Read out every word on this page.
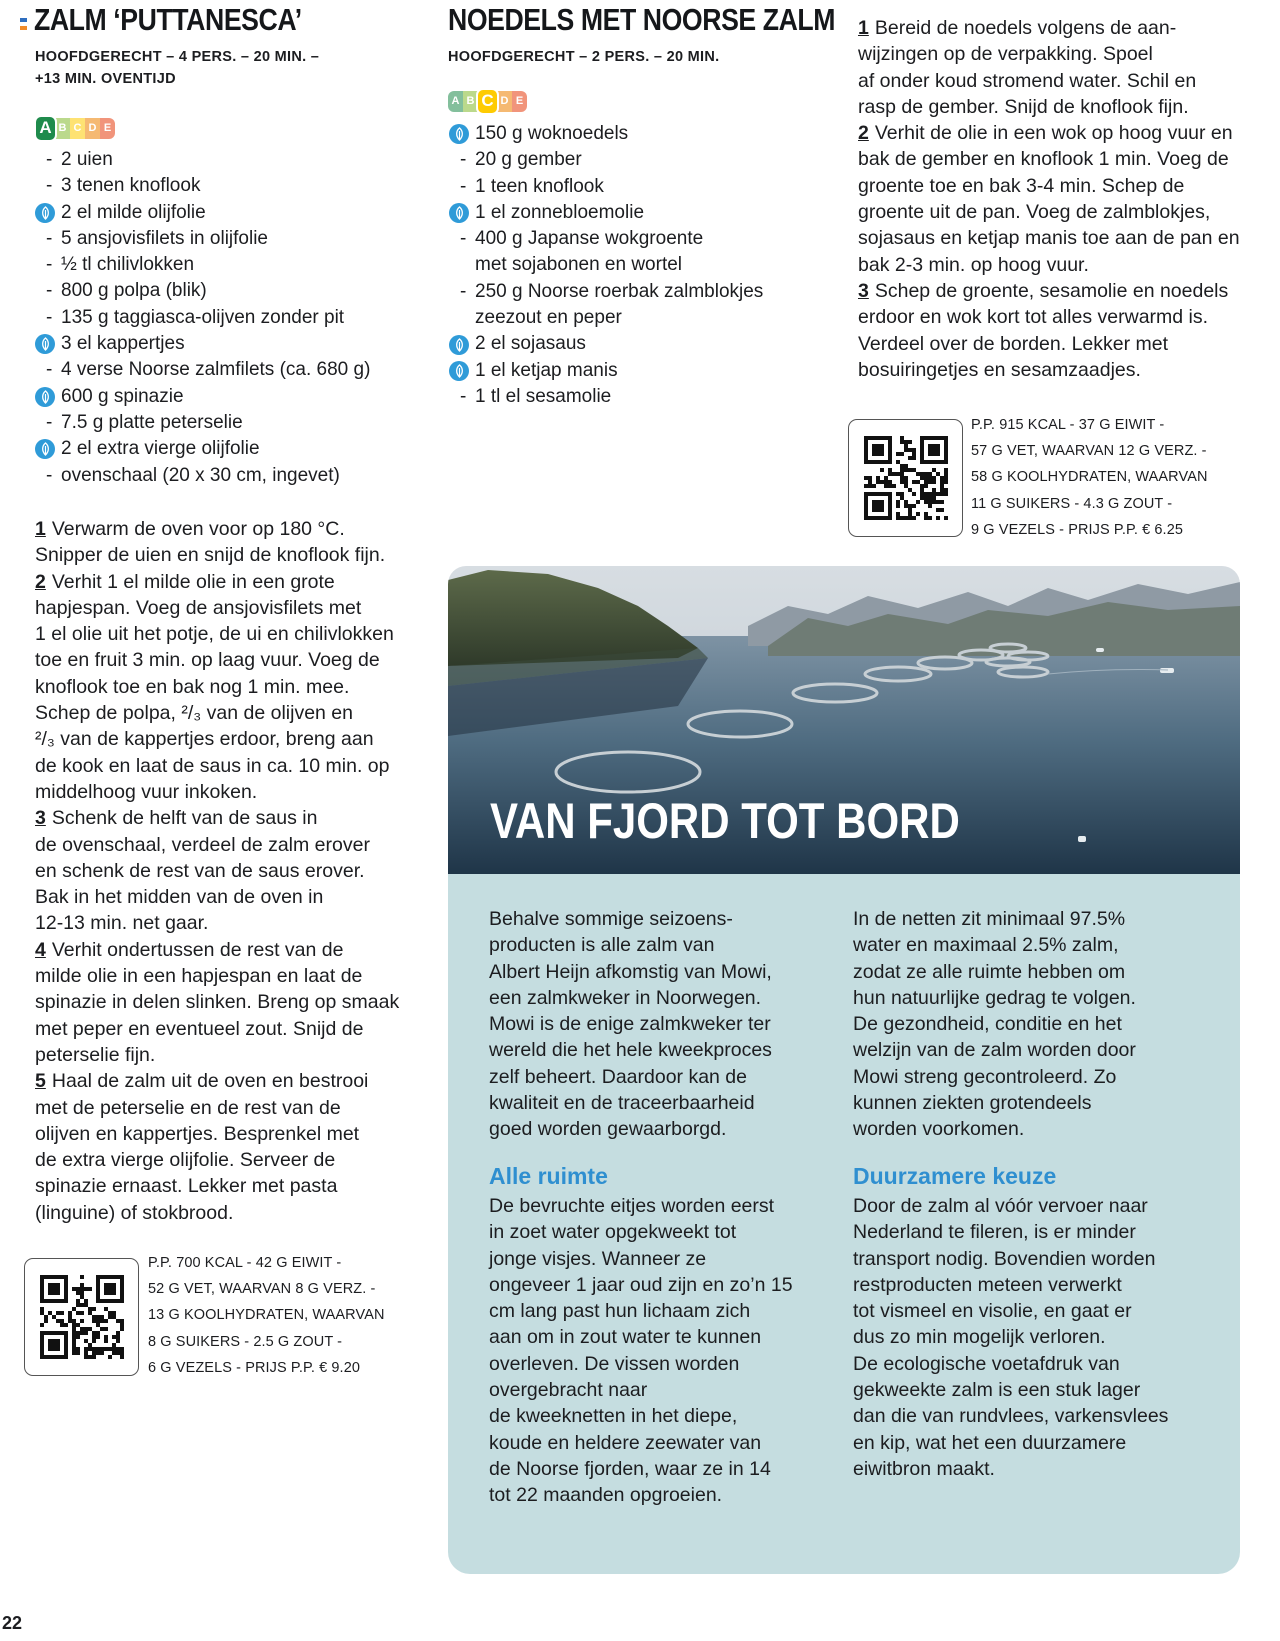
ZALM ‘PUTTANESCA’
HOOFDGERECHT – 4 PERS. – 20 MIN. –
+13 MIN. OVENTIJD
A B C D E
- 2 uien
- 3 tenen knoflook
2 el milde olijfolie
- 5 ansjovisfilets in olijfolie
- ½ tl chilivlokken
- 800 g polpa (blik)
- 135 g taggiasca-olijven zonder pit
3 el kappertjes
- 4 verse Noorse zalmfilets (ca. 680 g)
600 g spinazie
- 7.5 g platte peterselie
2 el extra vierge olijfolie
- ovenschaal (20 x 30 cm, ingevet)
1 Verwarm de oven voor op 180 °C.
Snipper de uien en snijd de knoflook fijn.
2 Verhit 1 el milde olie in een grote
hapjespan. Voeg de ansjovisfilets met
1 el olie uit het potje, de ui en chilivlokken
toe en fruit 3 min. op laag vuur. Voeg de
knoflook toe en bak nog 1 min. mee.
Schep de polpa, ²/₃ van de olijven en
²/₃ van de kappertjes erdoor, breng aan
de kook en laat de saus in ca. 10 min. op
middelhoog vuur inkoken.
3 Schenk de helft van de saus in
de ovenschaal, verdeel de zalm erover
en schenk de rest van de saus erover.
Bak in het midden van de oven in
12-13 min. net gaar.
4 Verhit ondertussen de rest van de
milde olie in een hapjespan en laat de
spinazie in delen slinken. Breng op smaak
met peper en eventueel zout. Snijd de
peterselie fijn.
5 Haal de zalm uit de oven en bestrooi
met de peterselie en de rest van de
olijven en kappertjes. Besprenkel met
de extra vierge olijfolie. Serveer de
spinazie ernaast. Lekker met pasta
(linguine) of stokbrood.
P.P. 700 KCAL - 42 G EIWIT -
52 G VET, WAARVAN 8 G VERZ. -
13 G KOOLHYDRATEN, WAARVAN
8 G SUIKERS - 2.5 G ZOUT -
6 G VEZELS - PRIJS P.P. € 9.20
NOEDELS MET NOORSE ZALM
HOOFDGERECHT – 2 PERS. – 20 MIN.
A B C D E
150 g woknoedels
- 20 g gember
- 1 teen knoflook
1 el zonnebloemolie
- 400 g Japanse wokgroente
met sojabonen en wortel
- 250 g Noorse roerbak zalmblokjes
zeezout en peper
2 el sojasaus
1 el ketjap manis
- 1 tl el sesamolie
1 Bereid de noedels volgens de aan-
wijzingen op de verpakking. Spoel
af onder koud stromend water. Schil en
rasp de gember. Snijd de knoflook fijn.
2 Verhit de olie in een wok op hoog vuur en
bak de gember en knoflook 1 min. Voeg de
groente toe en bak 3-4 min. Schep de
groente uit de pan. Voeg de zalmblokjes,
sojasaus en ketjap manis toe aan de pan en
bak 2-3 min. op hoog vuur.
3 Schep de groente, sesamolie en noedels
erdoor en wok kort tot alles verwarmd is.
Verdeel over de borden. Lekker met
bosuiringetjes en sesamzaadjes.
P.P. 915 KCAL - 37 G EIWIT -
57 G VET, WAARVAN 12 G VERZ. -
58 G KOOLHYDRATEN, WAARVAN
11 G SUIKERS - 4.3 G ZOUT -
9 G VEZELS - PRIJS P.P. € 6.25
VAN FJORD TOT BORD
Behalve sommige seizoens-
producten is alle zalm van
Albert Heijn afkomstig van Mowi,
een zalmkweker in Noorwegen.
Mowi is de enige zalmkweker ter
wereld die het hele kweekproces
zelf beheert. Daardoor kan de
kwaliteit en de traceerbaarheid
goed worden gewaarborgd.
In de netten zit minimaal 97.5%
water en maximaal 2.5% zalm,
zodat ze alle ruimte hebben om
hun natuurlijke gedrag te volgen.
De gezondheid, conditie en het
welzijn van de zalm worden door
Mowi streng gecontroleerd. Zo
kunnen ziekten grotendeels
worden voorkomen.
Alle ruimte
De bevruchte eitjes worden eerst
in zoet water opgekweekt tot
jonge visjes. Wanneer ze
ongeveer 1 jaar oud zijn en zo’n 15
cm lang past hun lichaam zich
aan om in zout water te kunnen
overleven. De vissen worden
overgebracht naar
de kweeknetten in het diepe,
koude en heldere zeewater van
de Noorse fjorden, waar ze in 14
tot 22 maanden opgroeien.
Duurzamere keuze
Door de zalm al vóór vervoer naar
Nederland te fileren, is er minder
transport nodig. Bovendien worden
restproducten meteen verwerkt
tot vismeel en visolie, en gaat er
dus zo min mogelijk verloren.
De ecologische voetafdruk van
gekweekte zalm is een stuk lager
dan die van rundvlees, varkensvlees
en kip, wat het een duurzamere
eiwitbron maakt.
22
